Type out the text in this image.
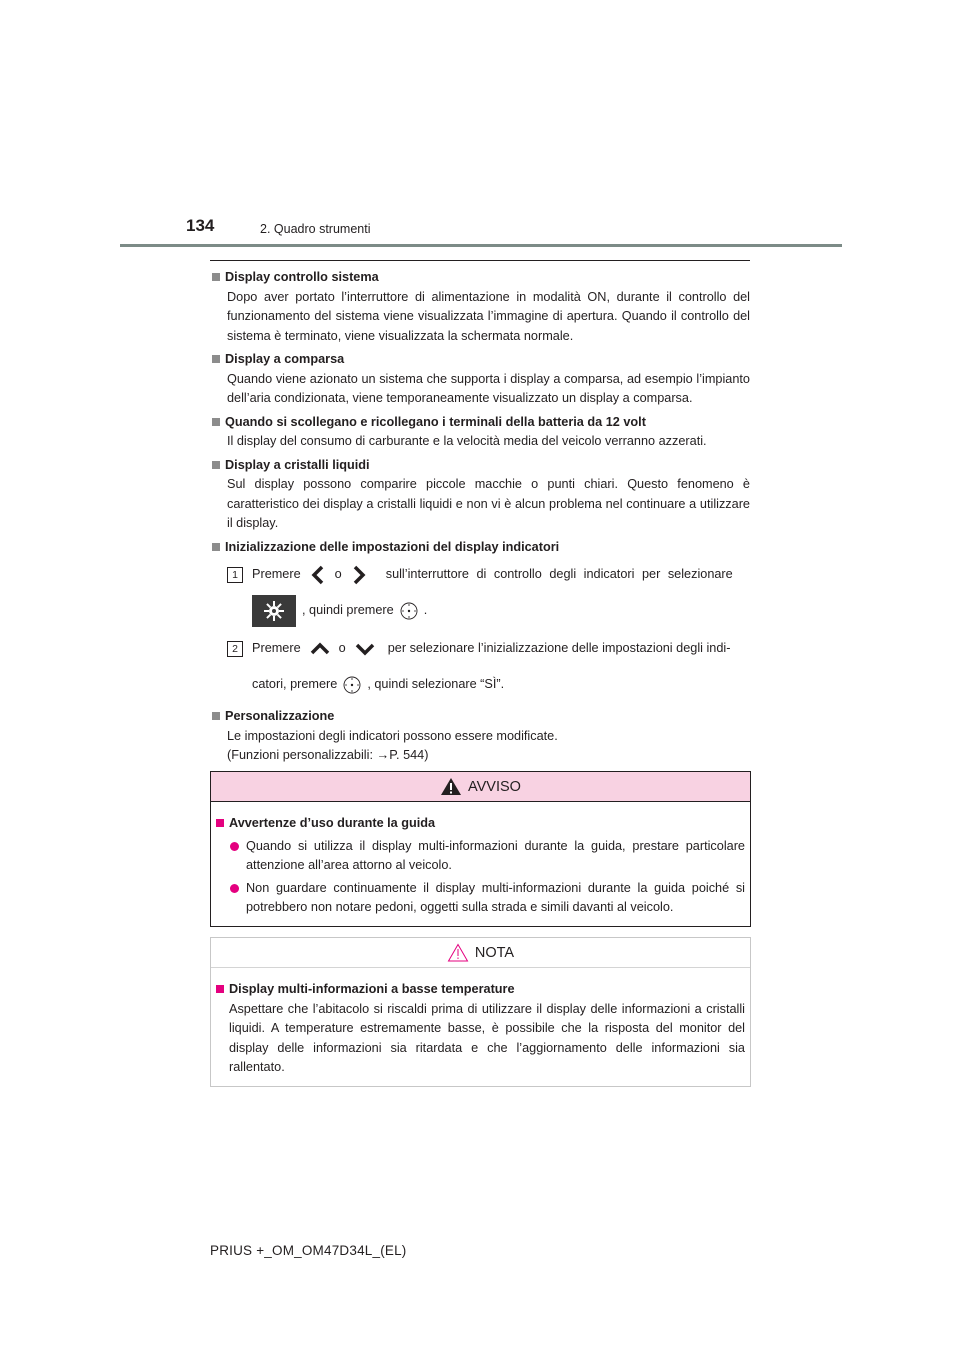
134	2. Quadro strumenti
Display controllo sistema
Dopo aver portato l’interruttore di alimentazione in modalità ON, durante il controllo del funzionamento del sistema viene visualizzata l’immagine di apertura. Quando il controllo del sistema è terminato, viene visualizzata la schermata normale.
Display a comparsa
Quando viene azionato un sistema che supporta i display a comparsa, ad esempio l’impianto dell’aria condizionata, viene temporaneamente visualizzato un display a comparsa.
Quando si scollegano e ricollegano i terminali della batteria da 12 volt
Il display del consumo di carburante e la velocità media del veicolo verranno azzerati.
Display a cristalli liquidi
Sul display possono comparire piccole macchie o punti chiari. Questo fenomeno è caratteristico dei display a cristalli liquidi e non vi è alcun problema nel continuare a utilizzare il display.
Inizializzazione delle impostazioni del display indicatori
1	Premere	o	sull’interruttore di controllo degli indicatori per selezionare
, quindi premere .
2	Premere	o	per selezionare l’inizializzazione delle impostazioni degli indi-
catori, premere , quindi selezionare “SÌ”.
Personalizzazione
Le impostazioni degli indicatori possono essere modificate.
(Funzioni personalizzabili: →P. 544)
AVVISO
Avvertenze d’uso durante la guida
Quando si utilizza il display multi-informazioni durante la guida, prestare particolare attenzione all’area attorno al veicolo.
Non guardare continuamente il display multi-informazioni durante la guida poiché si potrebbero non notare pedoni, oggetti sulla strada e simili davanti al veicolo.
NOTA
Display multi-informazioni a basse temperature
Aspettare che l’abitacolo si riscaldi prima di utilizzare il display delle informazioni a cristalli liquidi. A temperature estremamente basse, è possibile che la risposta del monitor del display delle informazioni sia ritardata e che l’aggiornamento delle informazioni sia rallentato.
PRIUS +_OM_OM47D34L_(EL)
